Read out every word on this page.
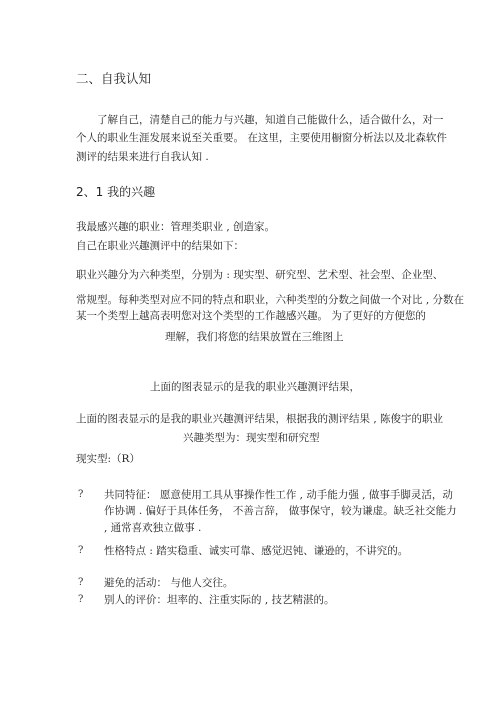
二、自我认知
了解自己，清楚自己的能力与兴趣，知道自己能做什么，适合做什么，对一
个人的职业生涯发展来说至关重要。 在这里，主要使用橱窗分析法以及北森软件
测评的结果来进行自我认知 .
2、1 我的兴趣
我最感兴趣的职业：管理类职业 , 创造家。
自己在职业兴趣测评中的结果如下：
职业兴趣分为六种类型，分别为 : 现实型、研究型、艺术型、社会型、企业型、
常规型。每种类型对应不同的特点和职业，六种类型的分数之间做一个对比 , 分数在
某一个类型上越高表明您对这个类型的工作越感兴趣。 为了更好的方便您的
理解，我们将您的结果放置在三维图上
上面的图表显示的是我的职业兴趣测评结果，
上面的图表显示的是我的职业兴趣测评结果，根据我的测评结果 , 陈俊宇的职业
兴趣类型为：现实型和研究型
现实型:（R）
? 共同特征： 愿意使用工具从事操作性工作 , 动手能力强 , 做事手脚灵活，动
作协调 . 偏好于具体任务， 不善言辞， 做事保守，较为谦虚。缺乏社交能力
, 通常喜欢独立做事 .
? 性格特点 : 踏实稳重、诚实可靠、感觉迟钝、谦逊的，不讲究的。
? 避免的活动： 与他人交往。
? 别人的评价：坦率的、注重实际的 , 技艺精湛的。
